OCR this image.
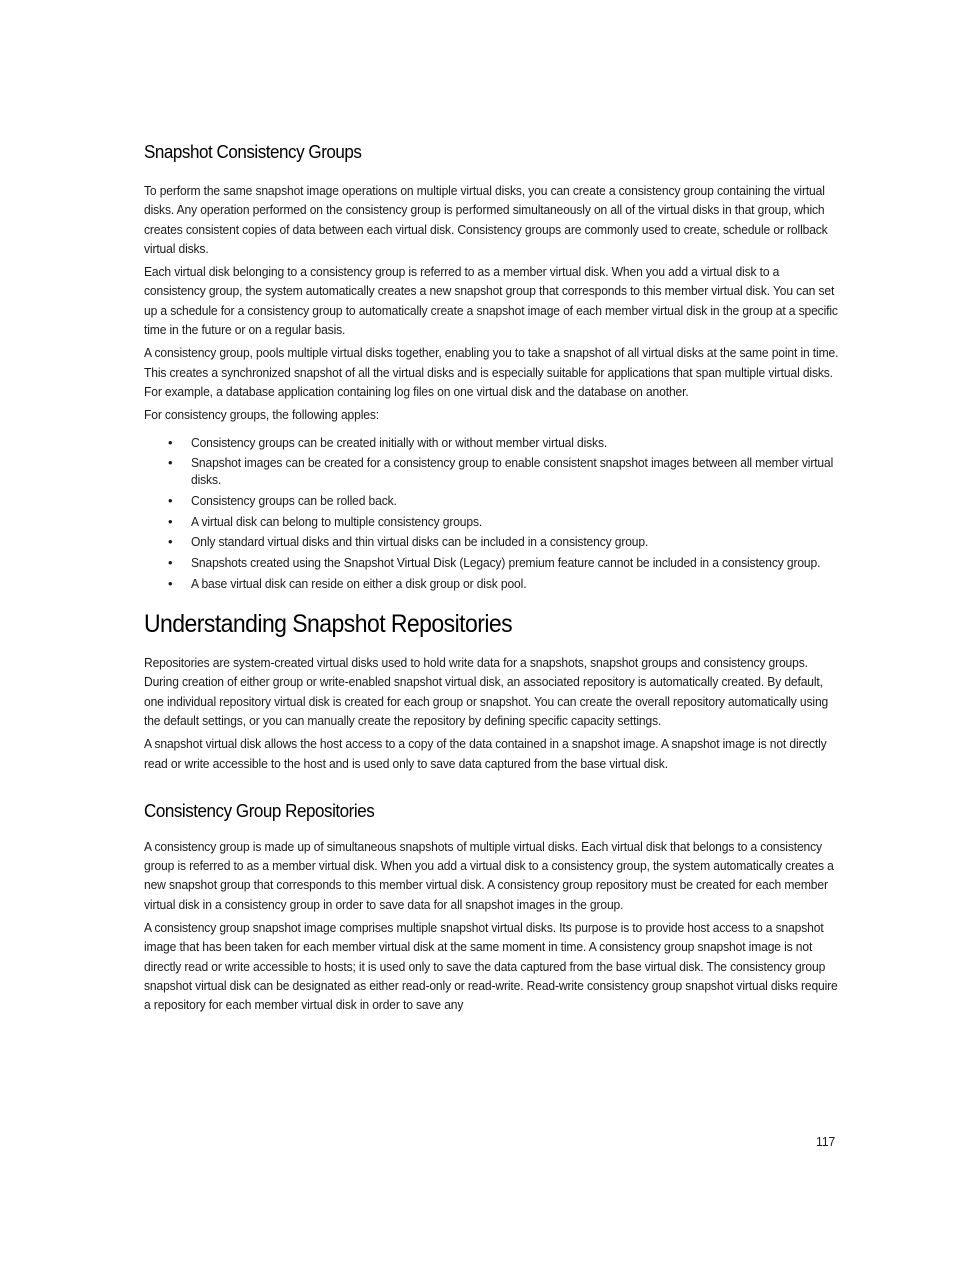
Snapshot Consistency Groups

To perform the same snapshot image operations on multiple virtual disks, you can create a consistency group containing the virtual disks. Any operation performed on the consistency group is performed simultaneously on all of the virtual disks in that group, which creates consistent copies of data between each virtual disk. Consistency groups are commonly used to create, schedule or rollback virtual disks.

Each virtual disk belonging to a consistency group is referred to as a member virtual disk. When you add a virtual disk to a consistency group, the system automatically creates a new snapshot group that corresponds to this member virtual disk. You can set up a schedule for a consistency group to automatically create a snapshot image of each member virtual disk in the group at a specific time in the future or on a regular basis.

A consistency group, pools multiple virtual disks together, enabling you to take a snapshot of all virtual disks at the same point in time. This creates a synchronized snapshot of all the virtual disks and is especially suitable for applications that span multiple virtual disks. For example, a database application containing log files on one virtual disk and the database on another.

For consistency groups, the following apples:

• Consistency groups can be created initially with or without member virtual disks.
• Snapshot images can be created for a consistency group to enable consistent snapshot images between all member virtual disks.
• Consistency groups can be rolled back.
• A virtual disk can belong to multiple consistency groups.
• Only standard virtual disks and thin virtual disks can be included in a consistency group.
• Snapshots created using the Snapshot Virtual Disk (Legacy) premium feature cannot be included in a consistency group.
• A base virtual disk can reside on either a disk group or disk pool.
Understanding Snapshot Repositories

Repositories are system-created virtual disks used to hold write data for a snapshots, snapshot groups and consistency groups. During creation of either group or write-enabled snapshot virtual disk, an associated repository is automatically created. By default, one individual repository virtual disk is created for each group or snapshot. You can create the overall repository automatically using the default settings, or you can manually create the repository by defining specific capacity settings.

A snapshot virtual disk allows the host access to a copy of the data contained in a snapshot image. A snapshot image is not directly read or write accessible to the host and is used only to save data captured from the base virtual disk.

Consistency Group Repositories

A consistency group is made up of simultaneous snapshots of multiple virtual disks. Each virtual disk that belongs to a consistency group is referred to as a member virtual disk. When you add a virtual disk to a consistency group, the system automatically creates a new snapshot group that corresponds to this member virtual disk. A consistency group repository must be created for each member virtual disk in a consistency group in order to save data for all snapshot images in the group.

A consistency group snapshot image comprises multiple snapshot virtual disks. Its purpose is to provide host access to a snapshot image that has been taken for each member virtual disk at the same moment in time. A consistency group snapshot image is not directly read or write accessible to hosts; it is used only to save the data captured from the base virtual disk. The consistency group snapshot virtual disk can be designated as either read-only or read-write. Read-write consistency group snapshot virtual disks require a repository for each member virtual disk in order to save any

117
